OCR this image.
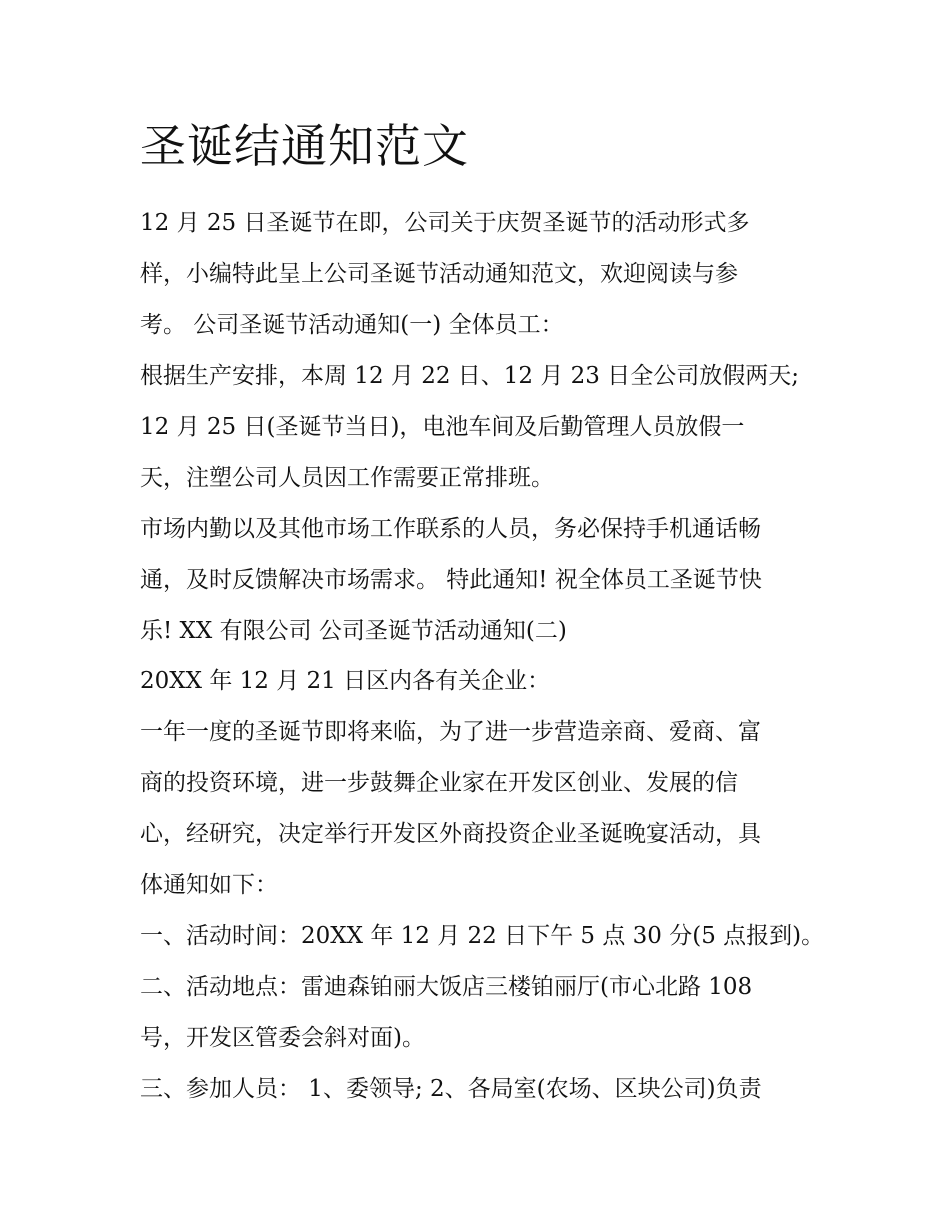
圣诞结通知范文
12 月 25 日圣诞节在即，公司关于庆贺圣诞节的活动形式多
样，小编特此呈上公司圣诞节活动通知范文，欢迎阅读与参
考。 公司圣诞节活动通知(一) 全体员工：
根据生产安排，本周 12 月 22 日、12 月 23 日全公司放假两天;
12 月 25 日(圣诞节当日)，电池车间及后勤管理人员放假一
天，注塑公司人员因工作需要正常排班。
市场内勤以及其他市场工作联系的人员，务必保持手机通话畅
通，及时反馈解决市场需求。 特此通知! 祝全体员工圣诞节快
乐! XX 有限公司 公司圣诞节活动通知(二)
20XX 年 12 月 21 日区内各有关企业：
一年一度的圣诞节即将来临，为了进一步营造亲商、爱商、富
商的投资环境，进一步鼓舞企业家在开发区创业、发展的信
心，经研究，决定举行开发区外商投资企业圣诞晚宴活动，具
体通知如下：
一、活动时间：20XX 年 12 月 22 日下午 5 点 30 分(5 点报到)。
二、活动地点：雷迪森铂丽大饭店三楼铂丽厅(市心北路 108
号，开发区管委会斜对面)。
三、参加人员： 1、委领导; 2、各局室(农场、区块公司)负责
